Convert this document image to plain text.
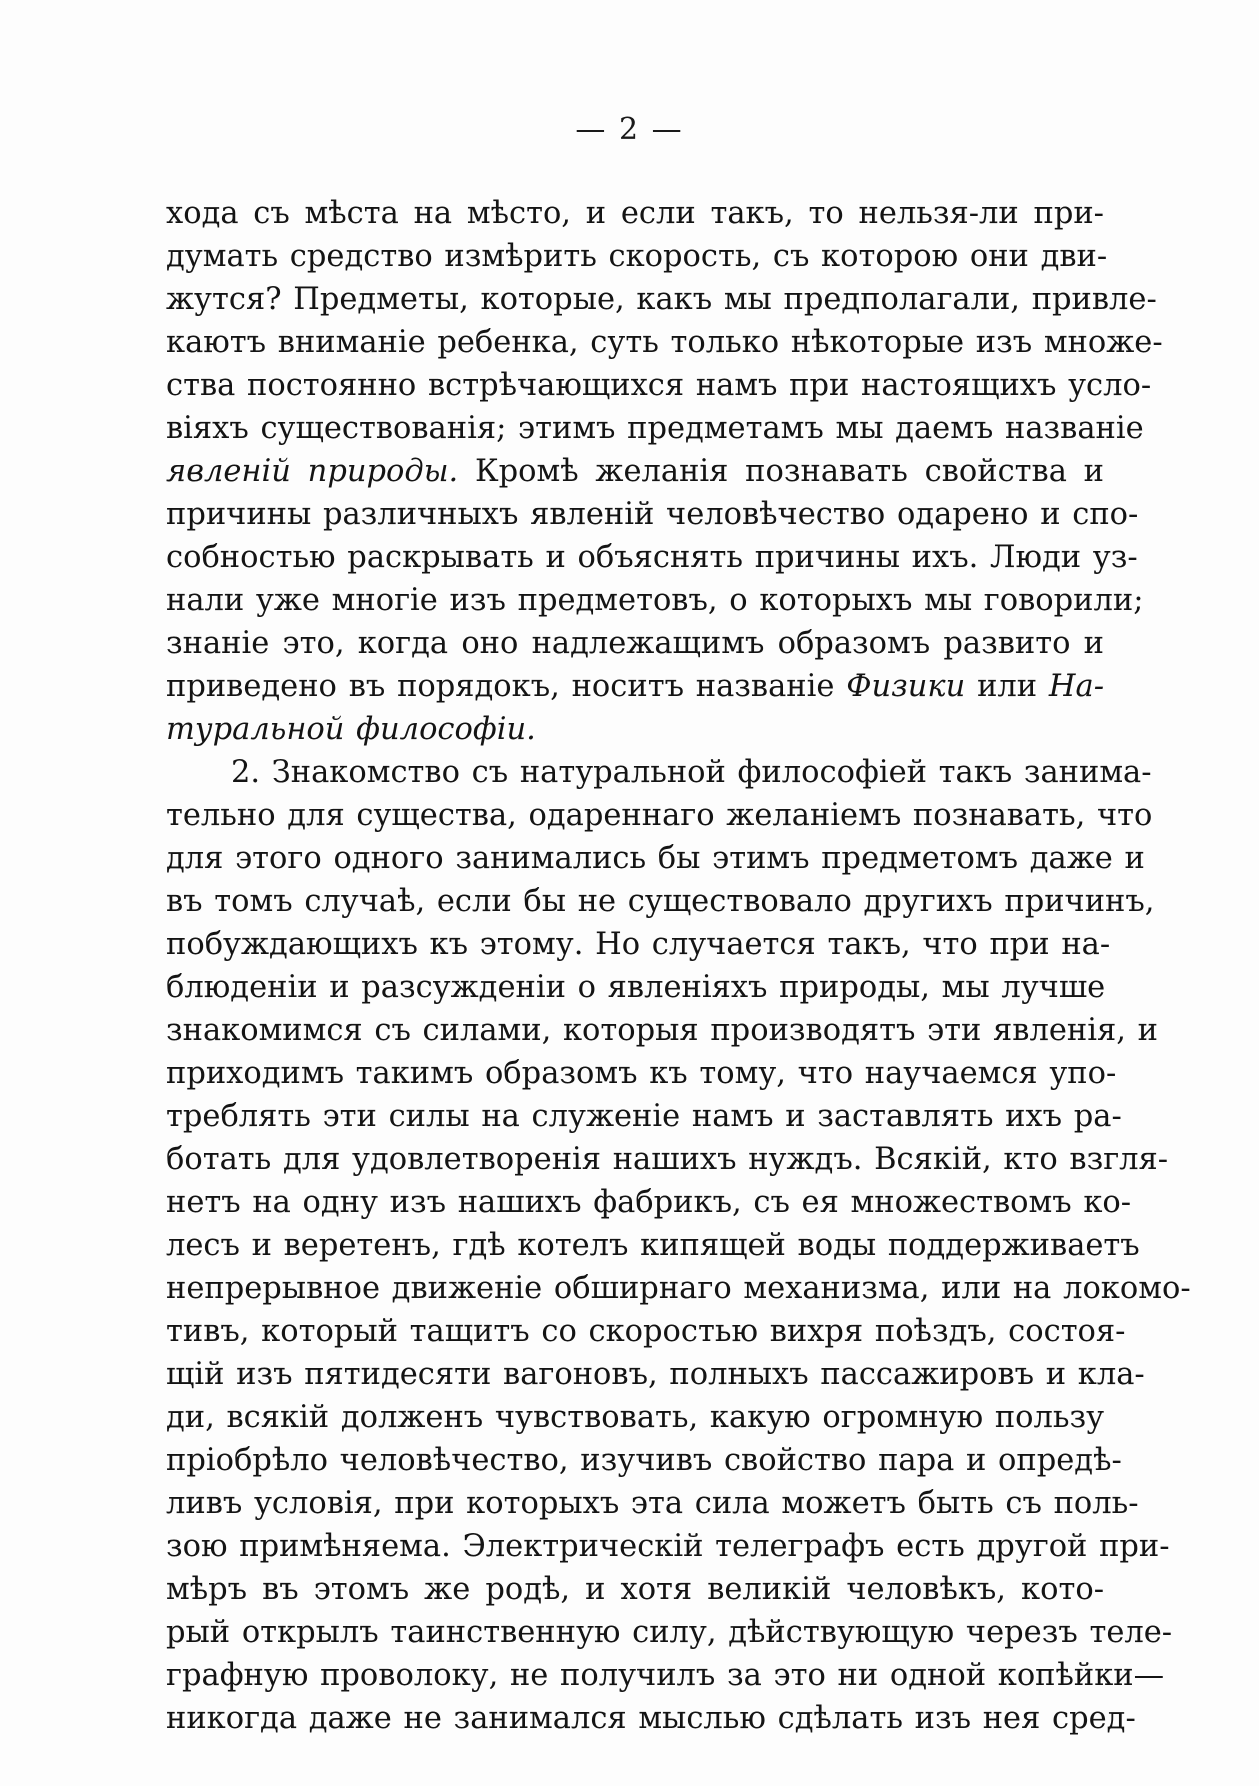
— 2 —
хода съ мѣста на мѣсто, и если такъ, то нельзя-ли при-
думать средство измѣрить скорость, съ которою они дви-
жутся? Предметы, которые, какъ мы предполагали, привле-
каютъ вниманіе ребенка, суть только нѣкоторые изъ множе-
ства постоянно встрѣчающихся намъ при настоящихъ усло-
віяхъ существованія; этимъ предметамъ мы даемъ названіе
явленій природы. Кромѣ желанія познавать свойства и
причины различныхъ явленій человѣчество одарено и спо-
собностью раскрывать и объяснять причины ихъ. Люди уз-
нали уже многіе изъ предметовъ, о которыхъ мы говорили;
знаніе это, когда оно надлежащимъ образомъ развито и
приведено въ порядокъ, носитъ названіе Физики или На-
туральной философіи.
2. Знакомство съ натуральной философіей такъ занима-
тельно для существа, одареннаго желаніемъ познавать, что
для этого одного занимались бы этимъ предметомъ даже и
въ томъ случаѣ, если бы не существовало другихъ причинъ,
побуждающихъ къ этому. Но случается такъ, что при на-
блюденіи и разсужденіи о явленіяхъ природы, мы лучше
знакомимся съ силами, которыя производятъ эти явленія, и
приходимъ такимъ образомъ къ тому, что научаемся упо-
треблять эти силы на служеніе намъ и заставлять ихъ ра-
ботать для удовлетворенія нашихъ нуждъ. Всякій, кто взгля-
нетъ на одну изъ нашихъ фабрикъ, съ ея множествомъ ко-
лесъ и веретенъ, гдѣ котелъ кипящей воды поддерживаетъ
непрерывное движеніе обширнаго механизма, или на локомо-
тивъ, который тащитъ со скоростью вихря поѣздъ, состоя-
щій изъ пятидесяти вагоновъ, полныхъ пассажировъ и кла-
ди, всякій долженъ чувствовать, какую огромную пользу
пріобрѣло человѣчество, изучивъ свойство пара и опредѣ-
ливъ условія, при которыхъ эта сила можетъ быть съ поль-
зою примѣняема. Электрическій телеграфъ есть другой при-
мѣръ въ этомъ же родѣ, и хотя великій человѣкъ, кото-
рый открылъ таинственную силу, дѣйствующую черезъ теле-
графную проволоку, не получилъ за это ни одной копѣйки—
никогда даже не занимался мыслью сдѣлать изъ нея сред-
